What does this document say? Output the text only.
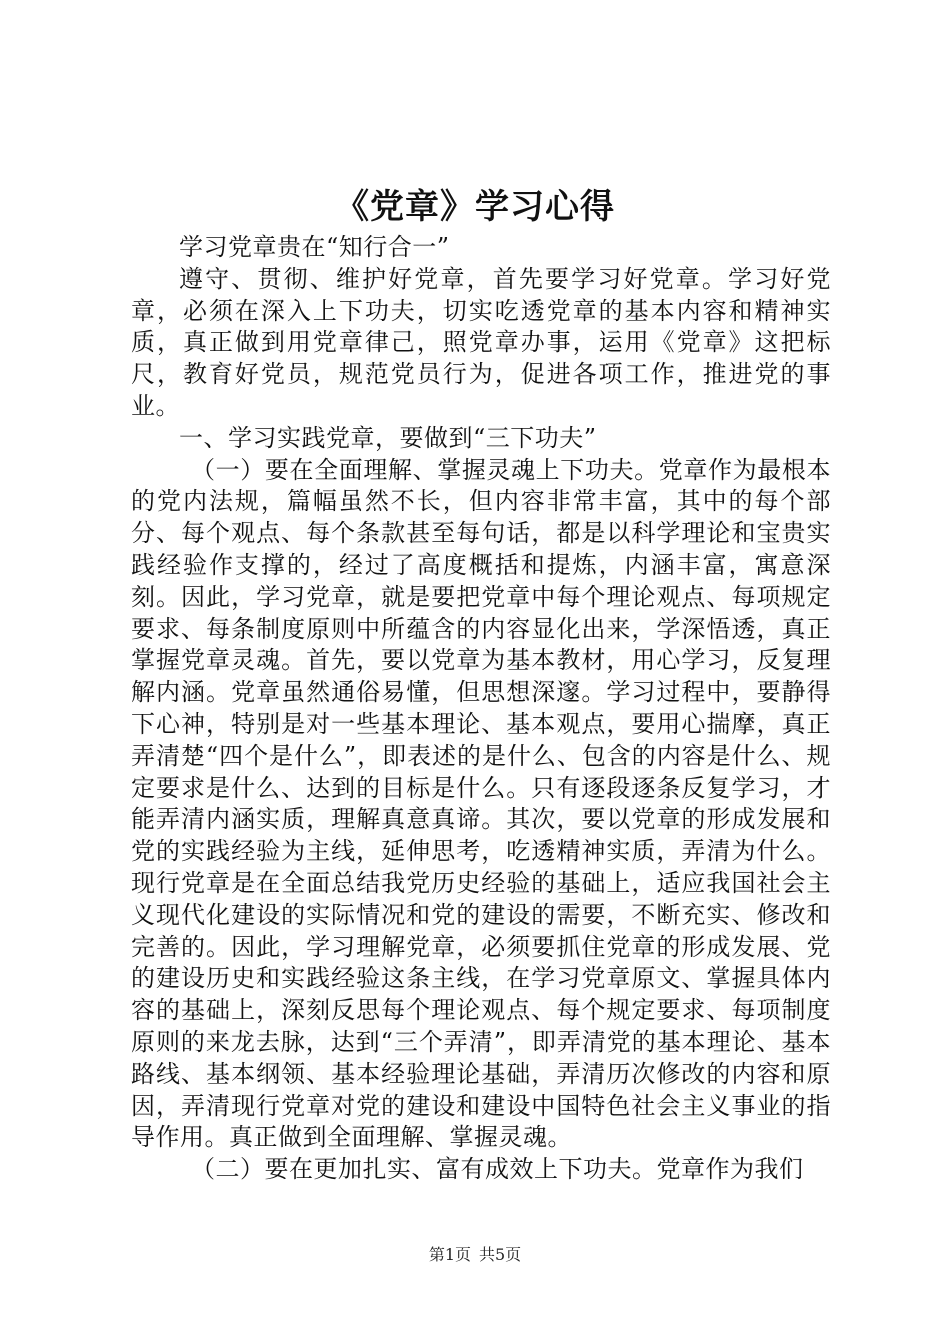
《党章》学习心得

学习党章贵在“知行合一”

遵守、贯彻、维护好党章，首先要学习好党章。学习好党章，必须在深入上下功夫，切实吃透党章的基本内容和精神实质，真正做到用党章律己，照党章办事，运用《党章》这把标尺，教育好党员，规范党员行为，促进各项工作，推进党的事业。

一、学习实践党章，要做到“三下功夫”

（一）要在全面理解、掌握灵魂上下功夫。党章作为最根本的党内法规，篇幅虽然不长，但内容非常丰富，其中的每个部分、每个观点、每个条款甚至每句话，都是以科学理论和宝贵实践经验作支撑的，经过了高度概括和提炼，内涵丰富，寓意深刻。因此，学习党章，就是要把党章中每个理论观点、每项规定要求、每条制度原则中所蕴含的内容显化出来，学深悟透，真正掌握党章灵魂。首先，要以党章为基本教材，用心学习，反复理解内涵。党章虽然通俗易懂，但思想深邃。学习过程中，要静得下心神，特别是对一些基本理论、基本观点，要用心揣摩，真正弄清楚“四个是什么”，即表述的是什么、包含的内容是什么、规定要求是什么、达到的目标是什么。只有逐段逐条反复学习，才能弄清内涵实质，理解真意真谛。其次，要以党章的形成发展和党的实践经验为主线，延伸思考，吃透精神实质，弄清为什么。现行党章是在全面总结我党历史经验的基础上，适应我国社会主义现代化建设的实际情况和党的建设的需要，不断充实、修改和完善的。因此，学习理解党章，必须要抓住党章的形成发展、党的建设历史和实践经验这条主线，在学习党章原文、掌握具体内容的基础上，深刻反思每个理论观点、每个规定要求、每项制度原则的来龙去脉，达到“三个弄清”，即弄清党的基本理论、基本路线、基本纲领、基本经验理论基础，弄清历次修改的内容和原因，弄清现行党章对党的建设和建设中国特色社会主义事业的指导作用。真正做到全面理解、掌握灵魂。

（二）要在更加扎实、富有成效上下功夫。党章作为我们

第1页 共5页
